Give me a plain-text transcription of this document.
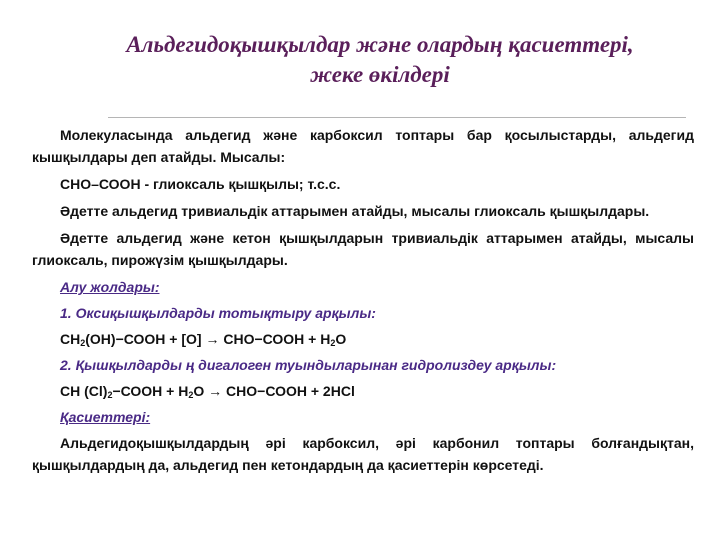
Альдегидоқышқылдар және олардың қасиеттері,
жеке өкілдері

Молекуласында альдегид және карбоксил топтары бар қосылыстарды, альдегид кышқылдары деп атайды. Мысалы:

СНО–СООН - глиоксаль қышқылы; т.с.с.

Әдетте альдегид тривиальдік аттарымен атайды, мысалы глиоксаль қышқылдары.

Әдетте альдегид және кетон қышқылдарын тривиальдік аттарымен атайды, мысалы глиоксаль, пирожүзім қышқылдары.

Алу жолдары:

1. Оксиқышқылдарды тотықтыру арқылы:

$СН_2(ОН)-СООН + [О]$ → СНО−СООН + $Н_2О$

2. Қышқылдарды ң дигалоген туындыларынан гидролиздеу арқылы:

СН $(Cl)_2-СООН + Н_2О$ → СНО−СООН + 2НCl

Қасиеттері:

Альдегидоқышқылдардың әрі карбоксил, әрі карбонил топтары болғандықтан, қышқылдардың да, альдегид пен кетондардың да қасиеттерін көрсетеді.
